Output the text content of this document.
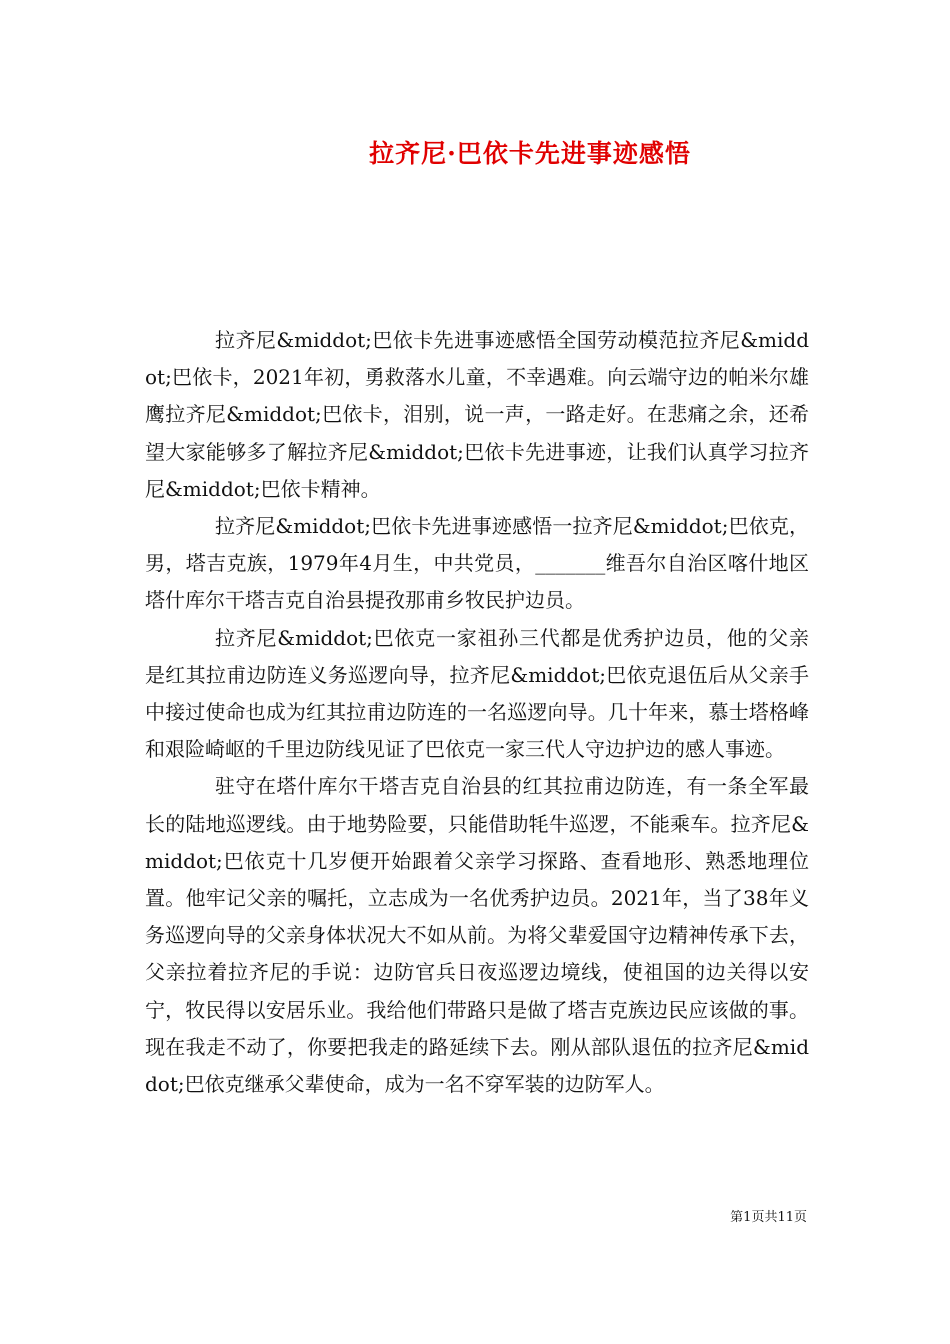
拉齐尼·巴依卡先进事迹感悟

拉齐尼&middot;巴依卡先进事迹感悟全国劳动模范拉齐尼&middot;巴依卡，2021年初，勇救落水儿童，不幸遇难。向云端守边的帕米尔雄鹰拉齐尼&middot;巴依卡，泪别，说一声，一路走好。在悲痛之余，还希望大家能够多了解拉齐尼&middot;巴依卡先进事迹，让我们认真学习拉齐尼&middot;巴依卡精神。

拉齐尼&middot;巴依卡先进事迹感悟一拉齐尼&middot;巴依克，男，塔吉克族，1979年4月生，中共党员，_______维吾尔自治区喀什地区塔什库尔干塔吉克自治县提孜那甫乡牧民护边员。

拉齐尼&middot;巴依克一家祖孙三代都是优秀护边员，他的父亲是红其拉甫边防连义务巡逻向导，拉齐尼&middot;巴依克退伍后从父亲手中接过使命也成为红其拉甫边防连的一名巡逻向导。几十年来，慕士塔格峰和艰险崎岖的千里边防线见证了巴依克一家三代人守边护边的感人事迹。

驻守在塔什库尔干塔吉克自治县的红其拉甫边防连，有一条全军最长的陆地巡逻线。由于地势险要，只能借助牦牛巡逻，不能乘车。拉齐尼&middot;巴依克十几岁便开始跟着父亲学习探路、查看地形、熟悉地理位置。他牢记父亲的嘱托，立志成为一名优秀护边员。2021年，当了38年义务巡逻向导的父亲身体状况大不如从前。为将父辈爱国守边精神传承下去，父亲拉着拉齐尼的手说：边防官兵日夜巡逻边境线，使祖国的边关得以安宁，牧民得以安居乐业。我给他们带路只是做了塔吉克族边民应该做的事。现在我走不动了，你要把我走的路延续下去。刚从部队退伍的拉齐尼&middot;巴依克继承父辈使命，成为一名不穿军装的边防军人。

第1页共11页
